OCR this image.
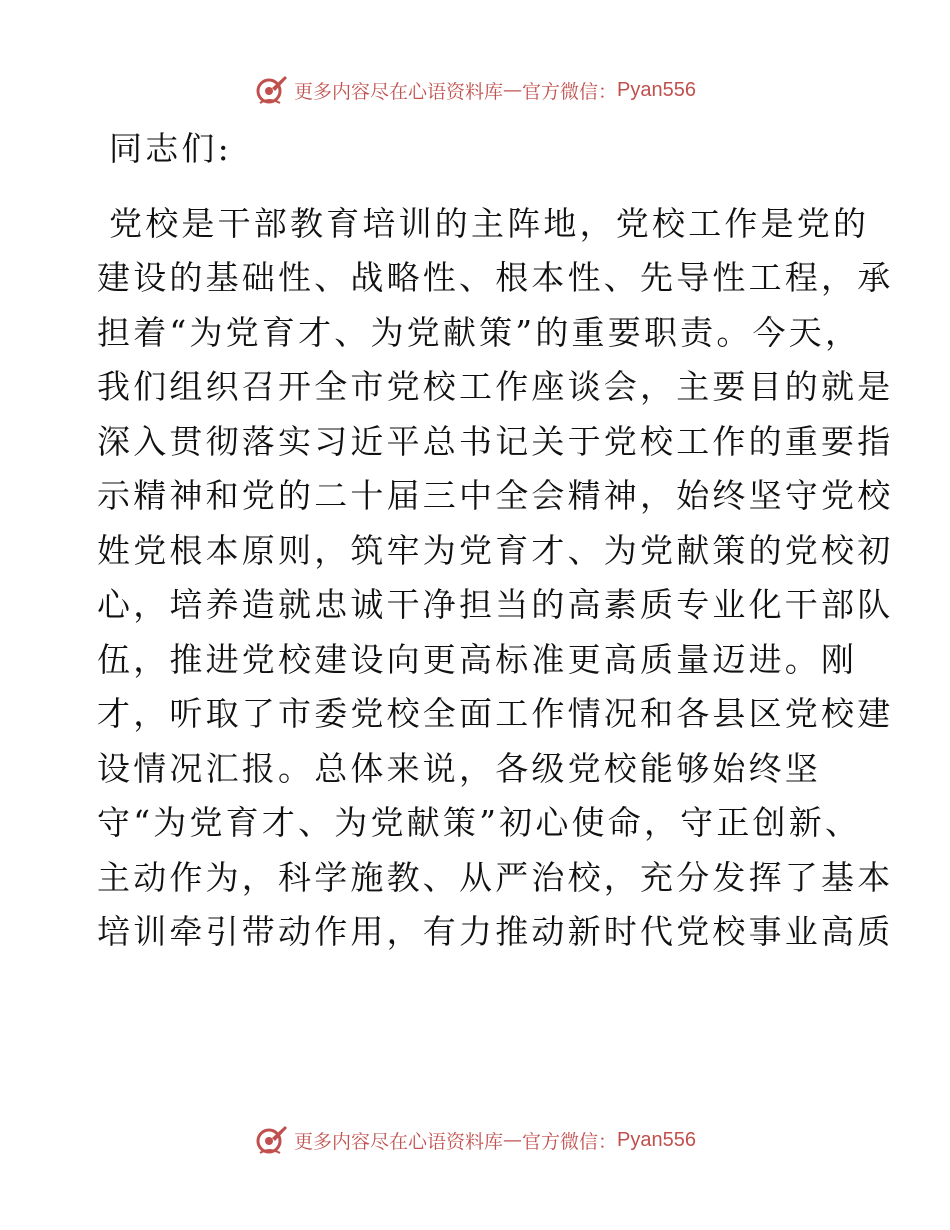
更多内容尽在心语资料库 — 官方微信： Pyan556
同志们:
党校是干部教育培训的主阵地，党校工作是党的
建设的基础性、战略性、根本性、先导性工程，承
担着“为党育才、为党献策”的重要职责。今天，
我们组织召开全市党校工作座谈会，主要目的就是
深入贯彻落实习近平总书记关于党校工作的重要指
示精神和党的二十届三中全会精神，始终坚守党校
姓党根本原则，筑牢为党育才、为党献策的党校初
心，培养造就忠诚干净担当的高素质专业化干部队
伍，推进党校建设向更高标准更高质量迈进。刚
才，听取了市委党校全面工作情况和各县区党校建
设情况汇报。总体来说，各级党校能够始终坚
守“为党育才、为党献策”初心使命，守正创新、
主动作为，科学施教、从严治校，充分发挥了基本
培训牵引带动作用，有力推动新时代党校事业高质
更多内容尽在心语资料库 — 官方微信： Pyan556
